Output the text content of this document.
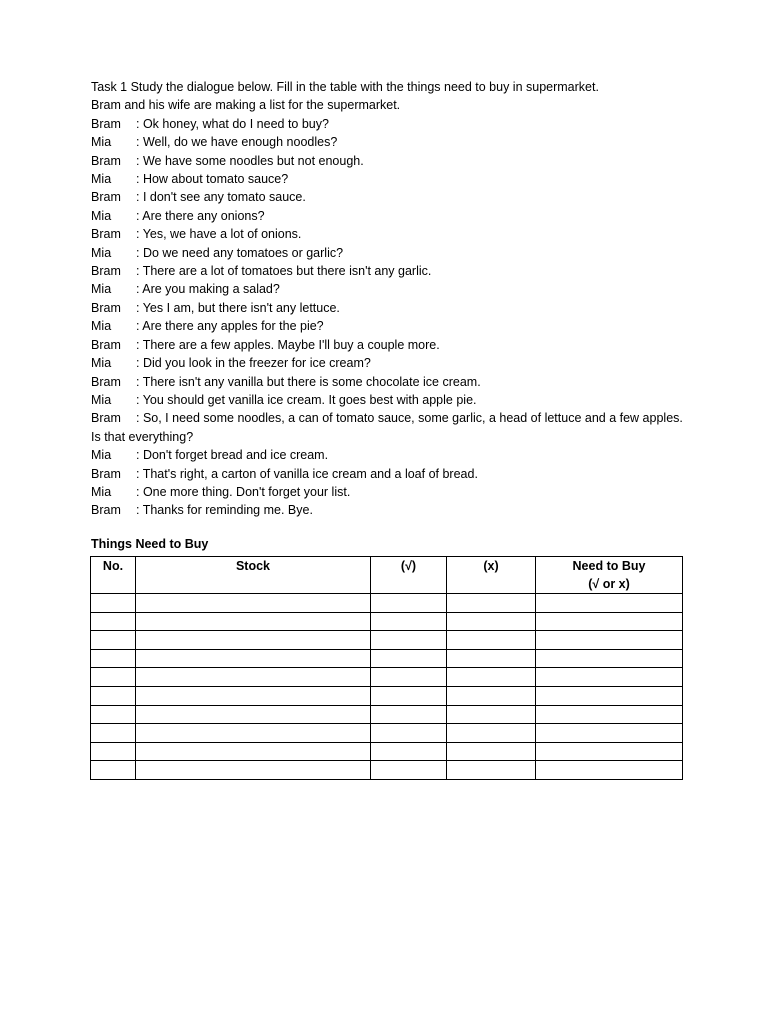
Task 1 Study the dialogue below. Fill in the table with the things need to buy in supermarket.
Bram and his wife are making a list for the supermarket.
Bram : Ok honey, what do I need to buy?
Mia : Well, do we have enough noodles?
Bram : We have some noodles but not enough.
Mia : How about tomato sauce?
Bram : I don't see any tomato sauce.
Mia : Are there any onions?
Bram : Yes, we have a lot of onions.
Mia : Do we need any tomatoes or garlic?
Bram : There are a lot of tomatoes but there isn't any garlic.
Mia : Are you making a salad?
Bram : Yes I am, but there isn't any lettuce.
Mia : Are there any apples for the pie?
Bram : There are a few apples. Maybe I'll buy a couple more.
Mia : Did you look in the freezer for ice cream?
Bram : There isn't any vanilla but there is some chocolate ice cream.
Mia : You should get vanilla ice cream. It goes best with apple pie.
Bram : So, I need some noodles, a can of tomato sauce, some garlic, a head of lettuce and a few apples. Is that everything?
Mia : Don't forget bread and ice cream.
Bram : That's right, a carton of vanilla ice cream and a loaf of bread.
Mia : One more thing. Don't forget your list.
Bram : Thanks for reminding me. Bye.
Things Need to Buy
No.	Stock	(√)	(x)	Need to Buy
(√ or x)
